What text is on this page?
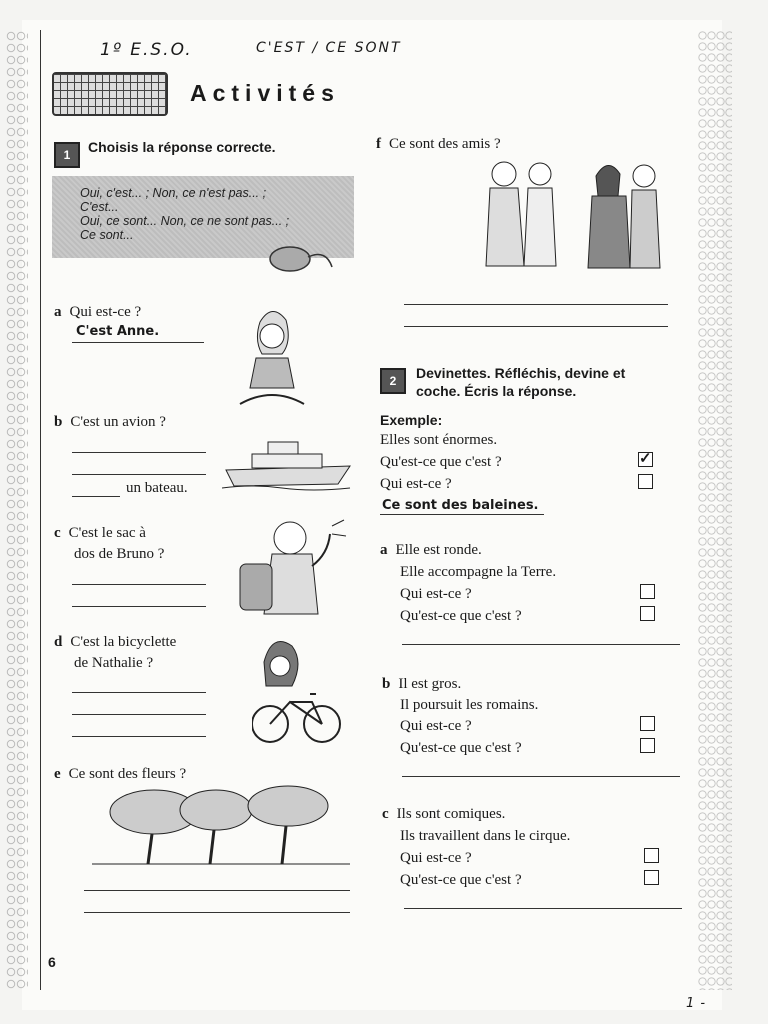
1º E.S.O.	C'EST / CE SONT
Activités
1	Choisis la réponse correcte.
Oui, c'est... ; Non, ce n'est pas... ;
C'est...
Oui, ce sont... Non, ce ne sont pas... ;
Ce sont...
a Qui est-ce ?
C'est Anne.
b C'est un avion ?
un bateau.
c C'est le sac à
dos de Bruno ?
d C'est la bicyclette
de Nathalie ?
e Ce sont des fleurs ?
f Ce sont des amis ?
2	Devinettes. Réfléchis, devine et
coche. Écris la réponse.
Exemple:
Elles sont énormes.
Qu'est-ce que c'est ?
✓
Qui est-ce ?
Ce sont des baleines.
a Elle est ronde.
Elle accompagne la Terre.
Qui est-ce ?
Qu'est-ce que c'est ?
b Il est gros.
Il poursuit les romains.
Qui est-ce ?
Qu'est-ce que c'est ?
c Ils sont comiques.
Ils travaillent dans le cirque.
Qui est-ce ?
Qu'est-ce que c'est ?
6
1 -
